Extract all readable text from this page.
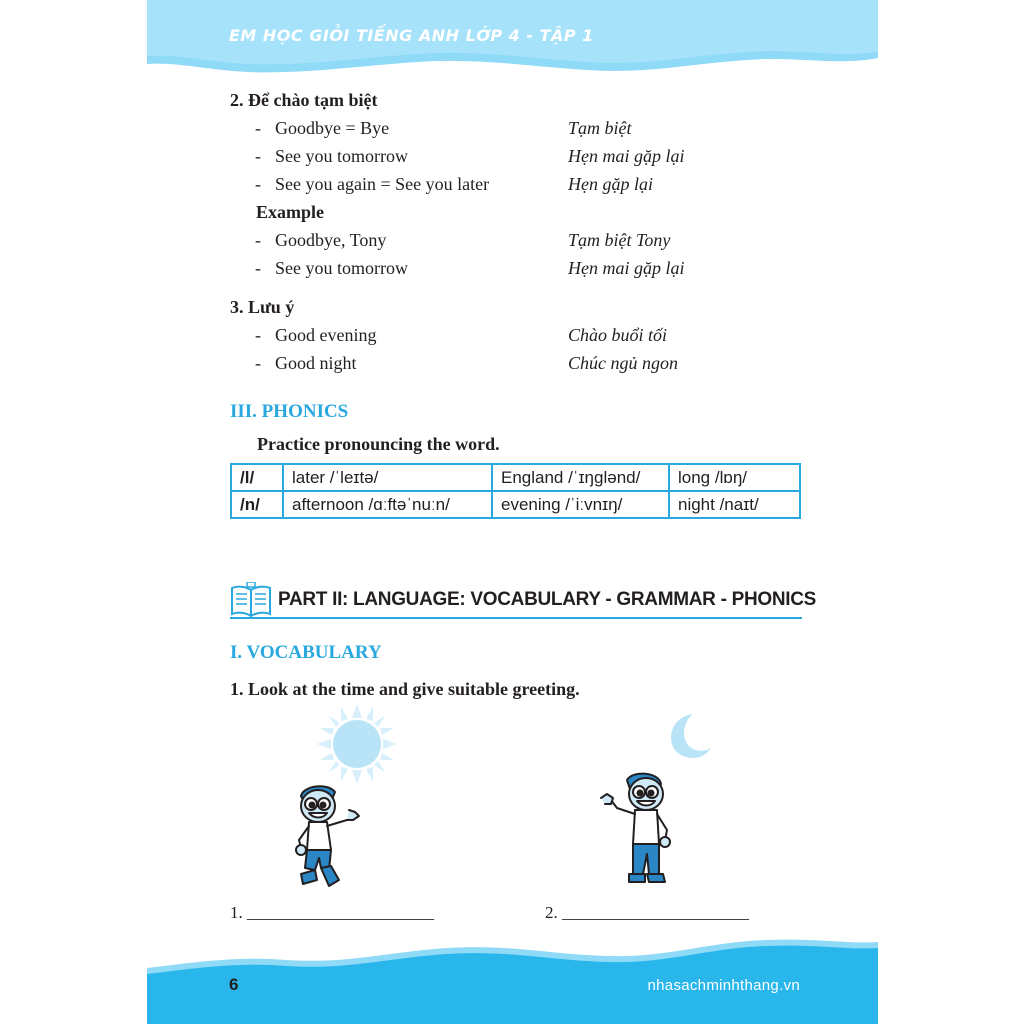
EM HỌC GIỎI TIẾNG ANH LỚP 4 - TẬP 1
2. Để chào tạm biệt
- Goodbye = Bye	Tạm biệt
- See you tomorrow	Hẹn mai gặp lại
- See you again = See you later	Hẹn gặp lại
Example
- Goodbye, Tony	Tạm biệt Tony
- See you tomorrow	Hẹn mai gặp lại
3. Lưu ý
- Good evening	Chào buổi tối
- Good night	Chúc ngủ ngon
III. PHONICS
Practice pronouncing the word.
/l/	later /ˈleɪtə/	England /ˈɪŋglənd/	long /lɒŋ/
/n/	afternoon /ɑːftəˈnuːn/	evening /ˈiːvnɪŋ/	night /naɪt/
PART II: LANGUAGE: VOCABULARY - GRAMMAR - PHONICS
I. VOCABULARY
1. Look at the time and give suitable greeting.
1. ______________________	2. ______________________
6	nhasachminhthang.vn
